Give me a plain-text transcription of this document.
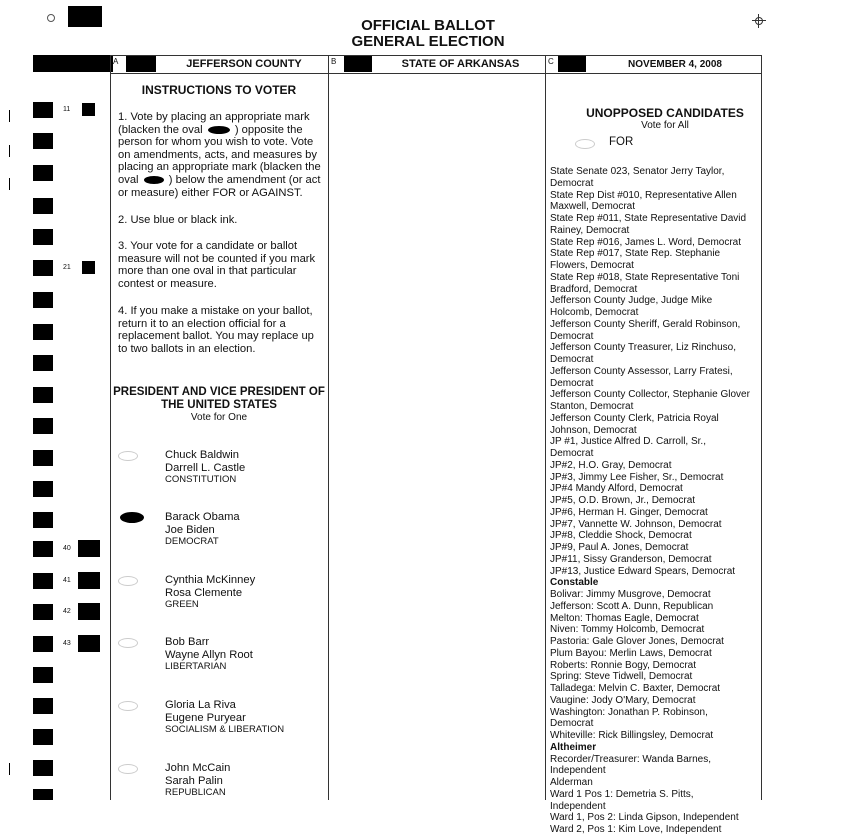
OFFICIAL BALLOT
GENERAL ELECTION
11
21
40
41
42
43
A	JEFFERSON COUNTY	B	STATE OF ARKANSAS	C	NOVEMBER 4, 2008
INSTRUCTIONS TO VOTER
1. Vote by placing an appropriate mark (blacken the oval	) opposite the person for whom you wish to vote. Vote on amendments, acts, and measures by placing an appropriate mark (blacken the oval	) below the amendment (or act or measure) either FOR or AGAINST.
2. Use blue or black ink.
3. Your vote for a candidate or ballot measure will not be counted if you mark more than one oval in that particular contest or measure.
4. If you make a mistake on your ballot, return it to an election official for a replacement ballot. You may replace up to two ballots in an election.
PRESIDENT AND VICE PRESIDENT OF
THE UNITED STATES
Vote for One
Chuck Baldwin
Darrell L. Castle
CONSTITUTION
Barack Obama
Joe Biden
DEMOCRAT
Cynthia McKinney
Rosa Clemente
GREEN
Bob Barr
Wayne Allyn Root
LIBERTARIAN
Gloria La Riva
Eugene Puryear
SOCIALISM & LIBERATION
John McCain
Sarah Palin
REPUBLICAN
UNOPPOSED CANDIDATES
Vote for All
FOR
State Senate 023, Senator Jerry Taylor, Democrat
State Rep Dist #010, Representative Allen Maxwell, Democrat
State Rep #011, State Representative David Rainey, Democrat
State Rep #016, James L. Word, Democrat
State Rep #017, State Rep. Stephanie Flowers, Democrat
State Rep #018, State Representative Toni Bradford, Democrat
Jefferson County Judge, Judge Mike Holcomb, Democrat
Jefferson County Sheriff, Gerald Robinson, Democrat
Jefferson County Treasurer, Liz Rinchuso, Democrat
Jefferson County Assessor, Larry Fratesi, Democrat
Jefferson County Collector, Stephanie Glover Stanton, Democrat
Jefferson County Clerk, Patricia Royal Johnson, Democrat
JP #1, Justice Alfred D. Carroll, Sr., Democrat
JP#2, H.O. Gray, Democrat
JP#3, Jimmy Lee Fisher, Sr., Democrat
JP#4 Mandy Alford, Democrat
JP#5, O.D. Brown, Jr., Democrat
JP#6, Herman H. Ginger, Democrat
JP#7, Vannette W. Johnson, Democrat
JP#8, Cleddie Shock, Democrat
JP#9, Paul A. Jones, Democrat
JP#11, Sissy Granderson, Democrat
JP#13, Justice Edward Spears, Democrat
Constable
Bolivar: Jimmy Musgrove, Democrat
Jefferson: Scott A. Dunn, Republican
Melton: Thomas Eagle, Democrat
Niven: Tommy Holcomb, Democrat
Pastoria: Gale Glover Jones, Democrat
Plum Bayou: Merlin Laws, Democrat
Roberts: Ronnie Bogy, Democrat
Spring: Steve Tidwell, Democrat
Talladega: Melvin C. Baxter, Democrat
Vaugine: Jody O'Mary, Democrat
Washington: Jonathan P. Robinson, Democrat
Whiteville: Rick Billingsley, Democrat
Altheimer
Recorder/Treasurer: Wanda Barnes, Independent
Alderman
Ward 1 Pos 1: Demetria S. Pitts, Independent
Ward 1, Pos 2: Linda Gipson, Independent
Ward 2, Pos 1: Kim Love, Independent
